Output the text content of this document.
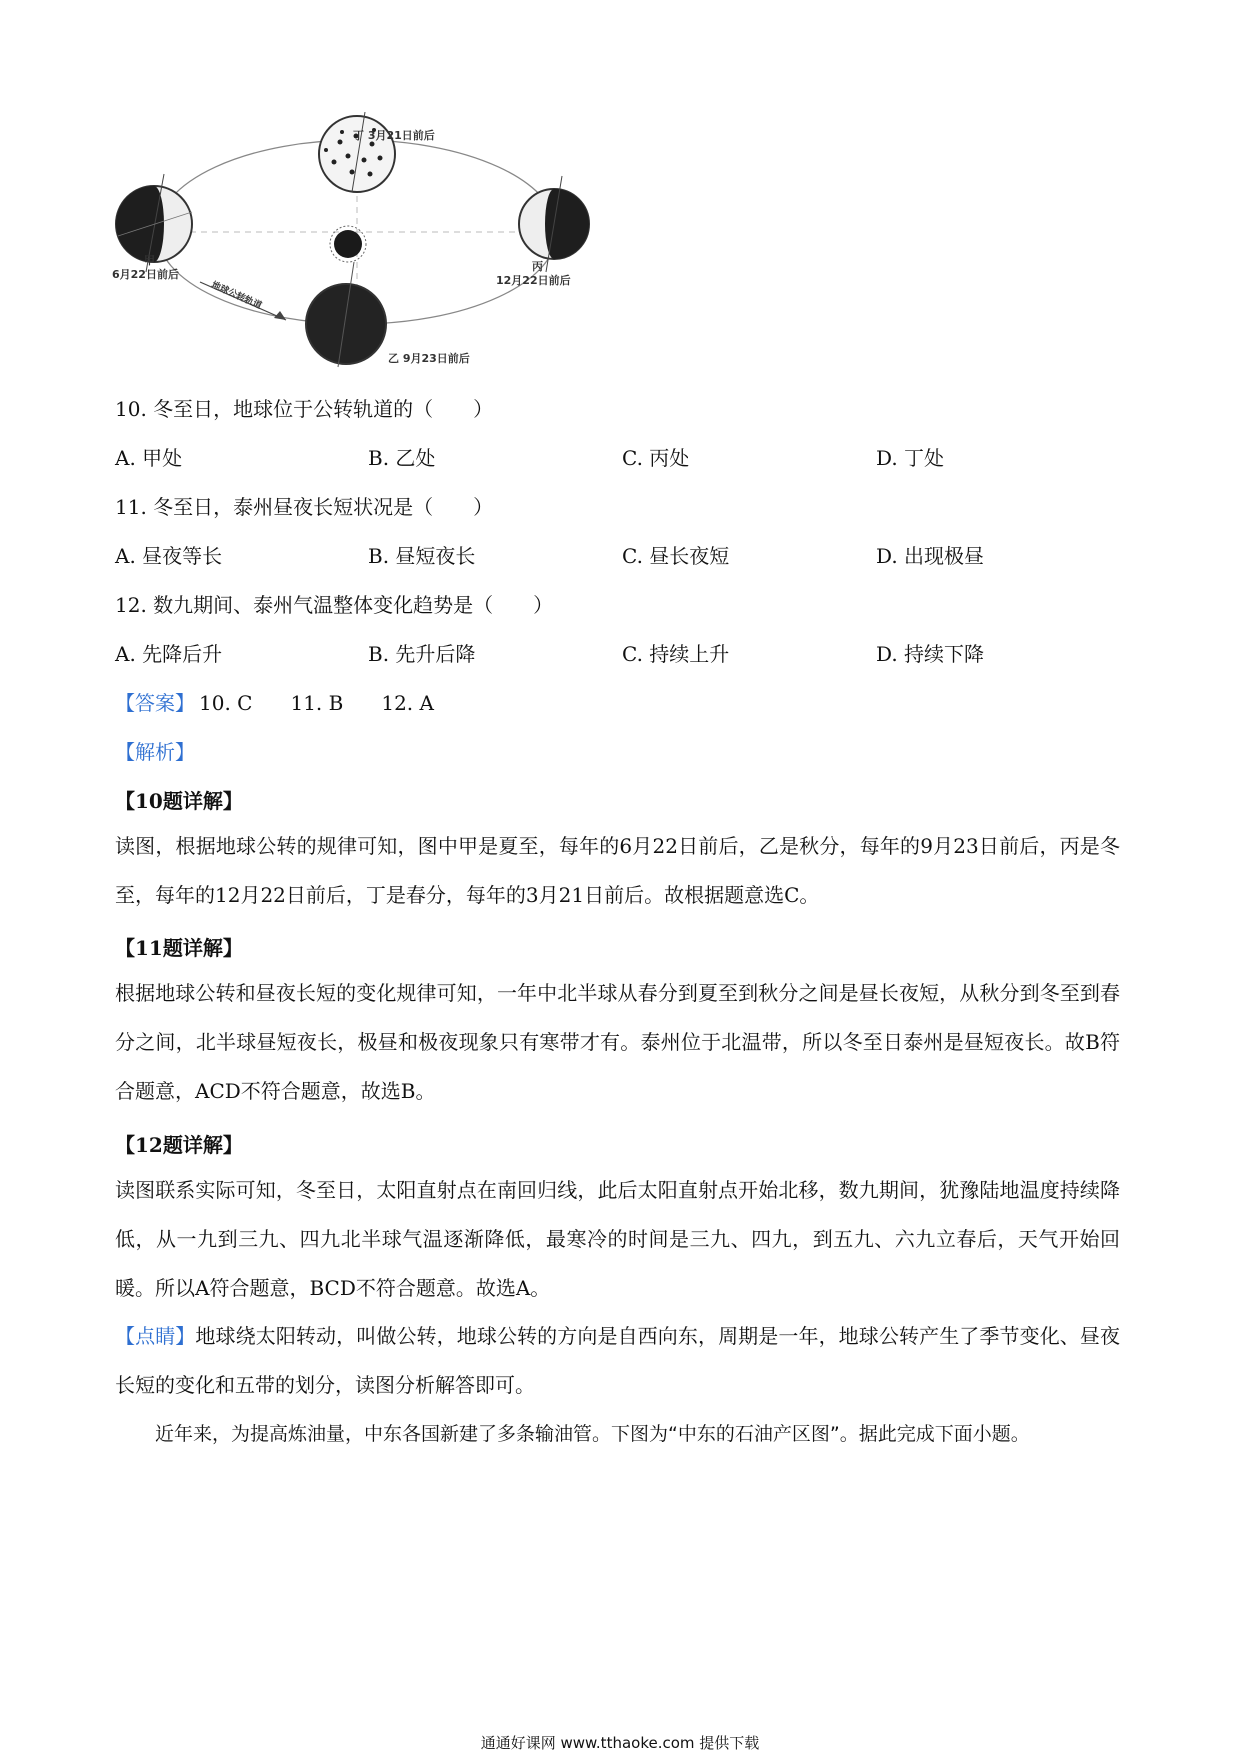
丁 3月21日前后
甲
6月22日前后
丙
12月22日前后
乙 9月23日前后
地球公转轨道
10. 冬至日，地球位于公转轨道的（　　）
A. 甲处	B. 乙处	C. 丙处	D. 丁处
11. 冬至日，泰州昼夜长短状况是（　　）
A. 昼夜等长	B. 昼短夜长	C. 昼长夜短	D. 出现极昼
12. 数九期间、泰州气温整体变化趋势是（　　）
A. 先降后升	B. 先升后降	C. 持续上升	D. 持续下降
【答案】 10. C 11. B 12. A
【解析】
【10题详解】
读图，根据地球公转的规律可知，图中甲是夏至，每年的6月22日前后，乙是秋分，每年的9月23日前后，丙是冬至，每年的12月22日前后，丁是春分，每年的3月21日前后。故根据题意选C。
【11题详解】
根据地球公转和昼夜长短的变化规律可知，一年中北半球从春分到夏至到秋分之间是昼长夜短，从秋分到冬至到春分之间，北半球昼短夜长，极昼和极夜现象只有寒带才有。泰州位于北温带，所以冬至日泰州是昼短夜长。故B符合题意，ACD不符合题意，故选B。
【12题详解】
读图联系实际可知，冬至日，太阳直射点在南回归线，此后太阳直射点开始北移，数九期间，犹豫陆地温度持续降低，从一九到三九、四九北半球气温逐渐降低，最寒冷的时间是三九、四九，到五九、六九立春后，天气开始回暖。所以A符合题意，BCD不符合题意。故选A。
【点睛】地球绕太阳转动，叫做公转，地球公转的方向是自西向东，周期是一年，地球公转产生了季节变化、昼夜长短的变化和五带的划分，读图分析解答即可。
近年来，为提高炼油量，中东各国新建了多条输油管。下图为“中东的石油产区图”。据此完成下面小题。
通通好课网 www.tthaoke.com 提供下载
